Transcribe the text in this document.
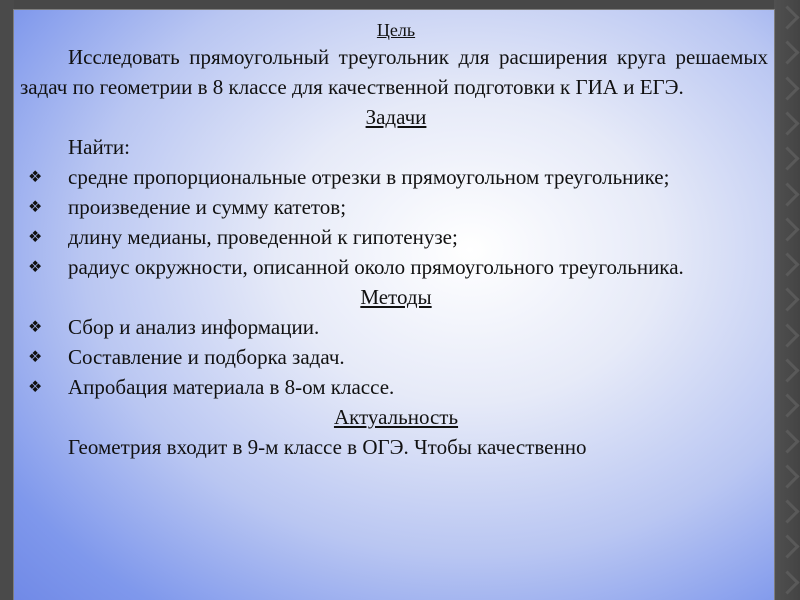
Цель

Исследовать прямоугольный треугольник для расширения круга решаемых задач по геометрии в 8 классе для качественной подготовки к ГИА и ЕГЭ.

Задачи

Найти:

❖ средне пропорциональные отрезки в прямоугольном треугольнике;
❖ произведение и сумму катетов;
❖ длину медианы, проведенной к гипотенузе;
❖ радиус окружности, описанной около прямоугольного треугольника.

Методы

❖ Сбор и анализ информации.
❖ Составление и подборка задач.
❖ Апробация материала в 8-ом классе.

Актуальность

Геометрия входит в 9-м классе в ОГЭ. Чтобы качественно
